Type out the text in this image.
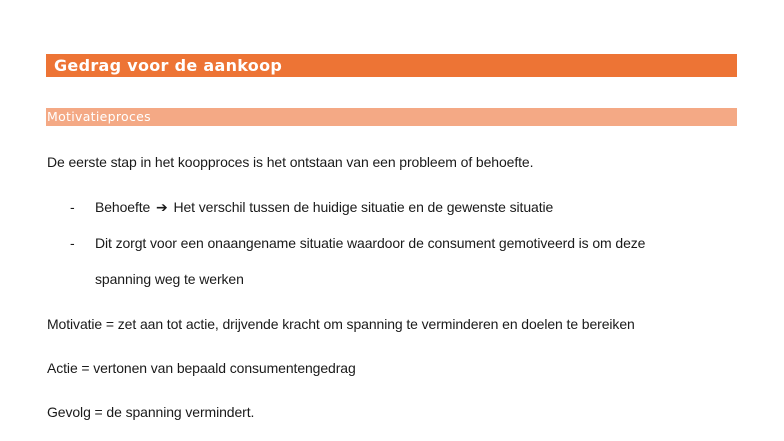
Gedrag voor de aankoop
Motivatieproces
De eerste stap in het koopproces is het ontstaan van een probleem of behoefte.
- Behoefte ➔ Het verschil tussen de huidige situatie en de gewenste situatie
- Dit zorgt voor een onaangename situatie waardoor de consument gemotiveerd is om deze
spanning weg te werken
Motivatie = zet aan tot actie, drijvende kracht om spanning te verminderen en doelen te bereiken
Actie = vertonen van bepaald consumentengedrag
Gevolg = de spanning vermindert.
